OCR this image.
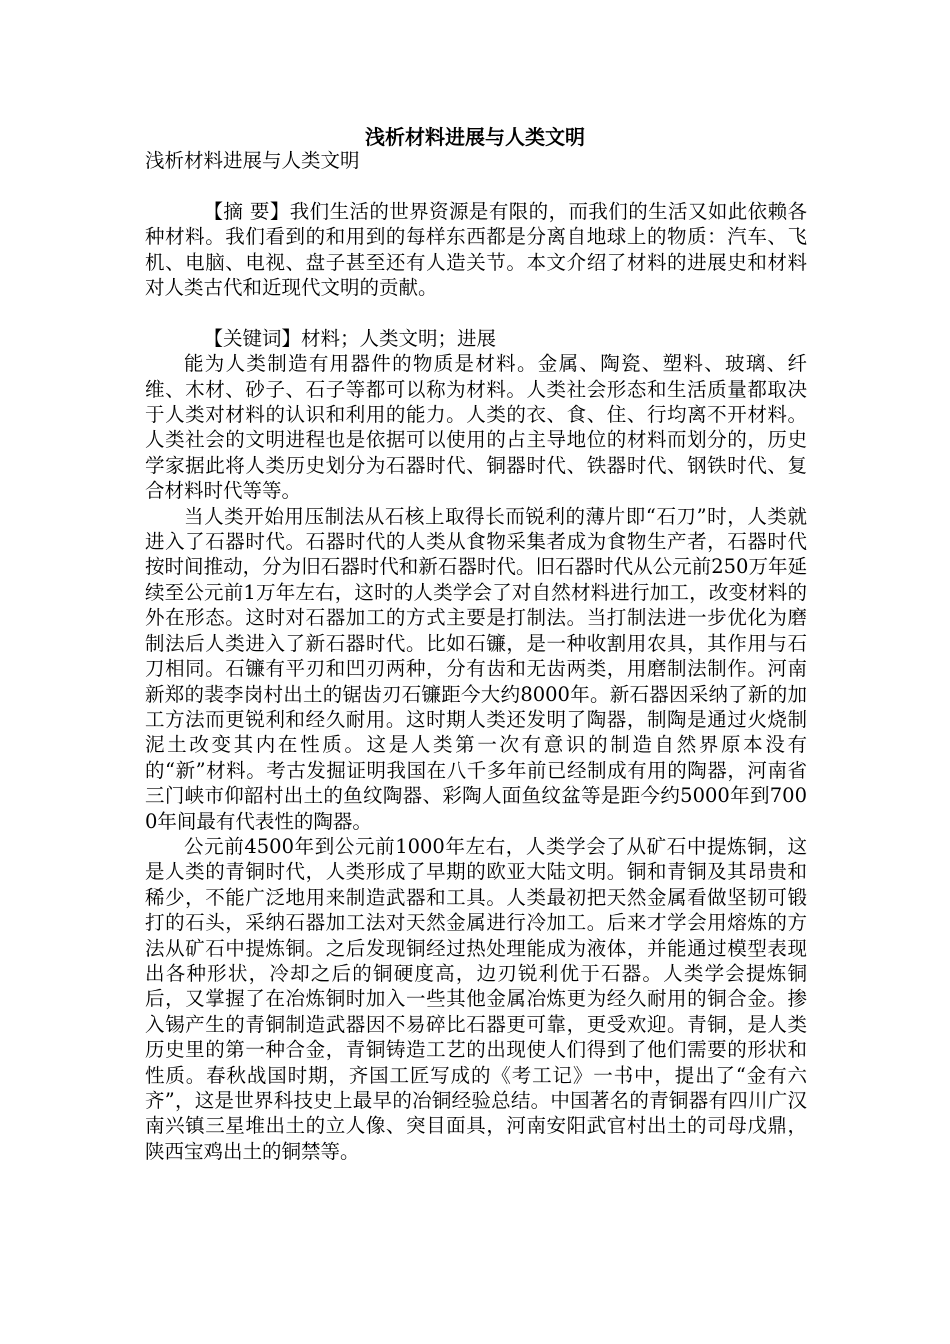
浅析材料进展与人类文明

浅析材料进展与人类文明

【摘 要】我们生活的世界资源是有限的，而我们的生活又如此依赖各种材料。我们看到的和用到的每样东西都是分离自地球上的物质：汽车、飞机、电脑、电视、盘子甚至还有人造关节。本文介绍了材料的进展史和材料对人类古代和近现代文明的贡献。

【关键词】材料；人类文明；进展

能为人类制造有用器件的物质是材料。金属、陶瓷、塑料、玻璃、纤维、木材、砂子、石子等都可以称为材料。人类社会形态和生活质量都取决于人类对材料的认识和利用的能力。人类的衣、食、住、行均离不开材料。人类社会的文明进程也是依据可以使用的占主导地位的材料而划分的，历史学家据此将人类历史划分为石器时代、铜器时代、铁器时代、钢铁时代、复合材料时代等等。

当人类开始用压制法从石核上取得长而锐利的薄片即“石刀”时，人类就进入了石器时代。石器时代的人类从食物采集者成为食物生产者，石器时代按时间推动，分为旧石器时代和新石器时代。旧石器时代从公元前250万年延续至公元前1万年左右，这时的人类学会了对自然材料进行加工，改变材料的外在形态。这时对石器加工的方式主要是打制法。当打制法进一步优化为磨制法后人类进入了新石器时代。比如石镰，是一种收割用农具，其作用与石刀相同。石镰有平刃和凹刃两种，分有齿和无齿两类，用磨制法制作。河南新郑的裴李岗村出土的锯齿刃石镰距今大约8000年。新石器因采纳了新的加工方法而更锐利和经久耐用。这时期人类还发明了陶器，制陶是通过火烧制泥土改变其内在性质。这是人类第一次有意识的制造自然界原本没有的“新”材料。考古发掘证明我国在八千多年前已经制成有用的陶器，河南省三门峡市仰韶村出土的鱼纹陶器、彩陶人面鱼纹盆等是距今约5000年到7000年间最有代表性的陶器。

公元前4500年到公元前1000年左右，人类学会了从矿石中提炼铜，这是人类的青铜时代，人类形成了早期的欧亚大陆文明。铜和青铜及其昂贵和稀少，不能广泛地用来制造武器和工具。人类最初把天然金属看做坚韧可锻打的石头，采纳石器加工法对天然金属进行冷加工。后来才学会用熔炼的方法从矿石中提炼铜。之后发现铜经过热处理能成为液体，并能通过模型表现出各种形状，冷却之后的铜硬度高，边刃锐利优于石器。人类学会提炼铜后，又掌握了在冶炼铜时加入一些其他金属冶炼更为经久耐用的铜合金。掺入锡产生的青铜制造武器因不易碎比石器更可靠，更受欢迎。青铜，是人类历史里的第一种合金，青铜铸造工艺的出现使人们得到了他们需要的形状和性质。春秋战国时期，齐国工匠写成的《考工记》一书中，提出了“金有六齐”，这是世界科技史上最早的冶铜经验总结。中国著名的青铜器有四川广汉南兴镇三星堆出土的立人像、突目面具，河南安阳武官村出土的司母戊鼎，陕西宝鸡出土的铜禁等。
